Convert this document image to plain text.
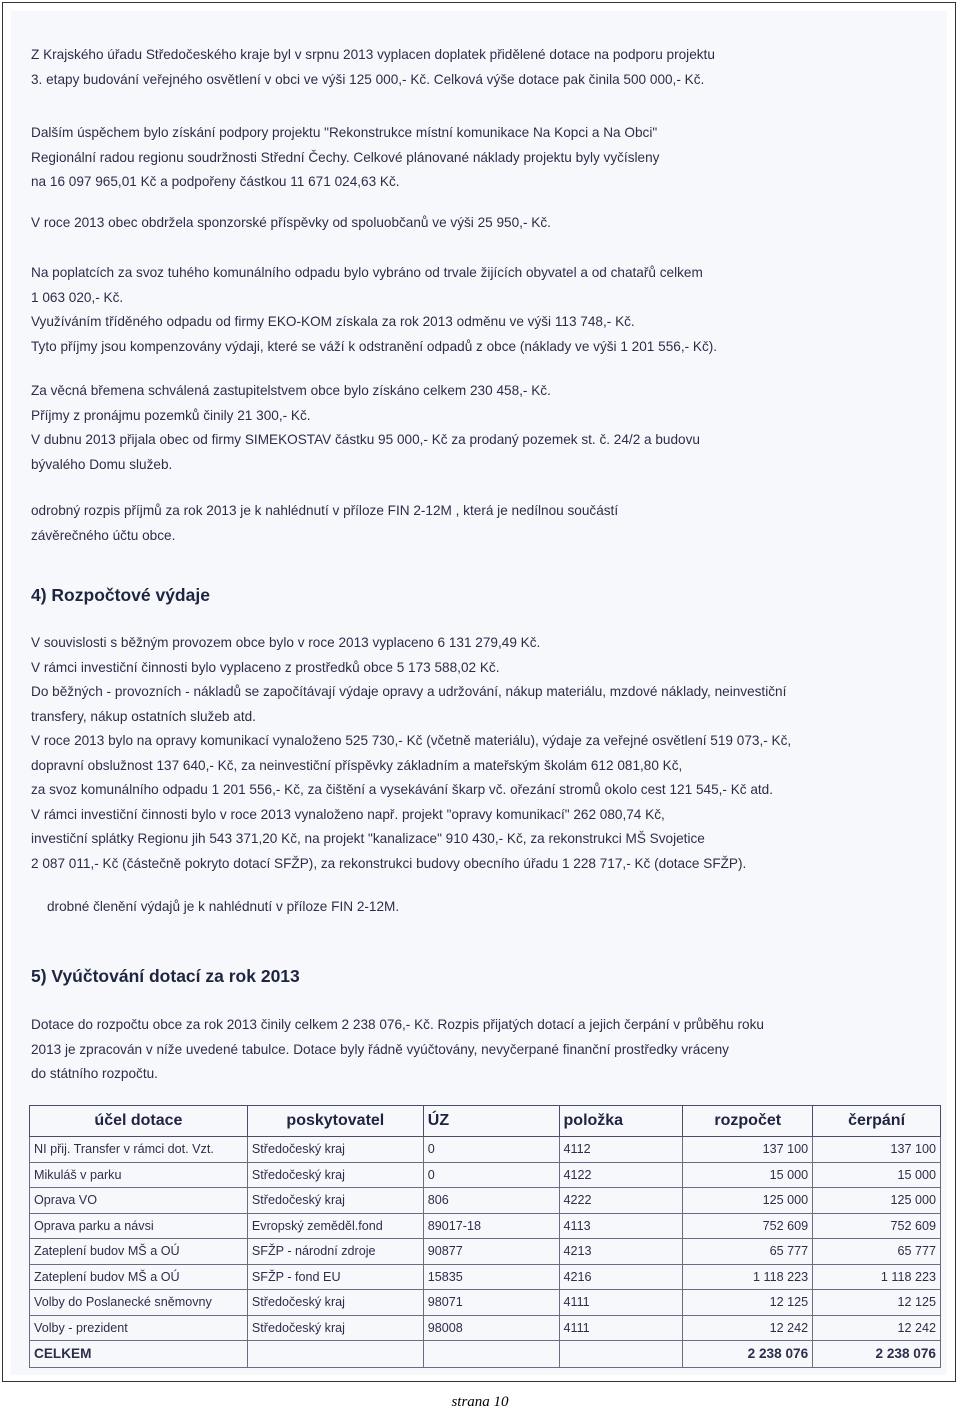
Z Krajského úřadu Středočeského kraje byl v srpnu 2013 vyplacen doplatek přidělené dotace na podporu projektu

3. etapy budování veřejného osvětlení v obci ve výši 125 000,- Kč. Celková výše dotace pak činila 500 000,- Kč.

Dalším úspěchem bylo získání podpory projektu "Rekonstrukce místní komunikace Na Kopci a Na Obci"

Regionální radou regionu soudržnosti Střední Čechy. Celkové plánované náklady projektu byly vyčísleny

na 16 097 965,01 Kč a podpořeny částkou 11 671 024,63 Kč.

V roce 2013 obec obdržela sponzorské příspěvky od spoluobčanů ve výši 25 950,- Kč.

Na poplatcích za svoz tuhého komunálního odpadu bylo vybráno od trvale žijících obyvatel a od chatařů celkem

1 063 020,- Kč.

Využíváním tříděného odpadu od firmy EKO-KOM získala za rok 2013 odměnu ve výši 113 748,- Kč.

Tyto příjmy jsou kompenzovány výdaji, které se váží k odstranění odpadů z obce (náklady ve výši 1 201 556,- Kč).

Za věcná břemena schválená zastupitelstvem obce bylo získáno celkem 230 458,- Kč.

Příjmy z pronájmu pozemků činily 21 300,- Kč.

V dubnu 2013 přijala obec od firmy SIMEKOSTAV částku 95 000,- Kč za prodaný pozemek st. č. 24/2 a budovu

bývalého Domu služeb.

odrobný rozpis příjmů za rok 2013 je k nahlédnutí v příloze FIN 2-12M , která je nedílnou součástí

závěrečného účtu obce.

4) Rozpočtové výdaje

V souvislosti s běžným provozem obce bylo v roce 2013 vyplaceno 6 131 279,49 Kč.

V rámci investiční činnosti bylo vyplaceno z prostředků obce 5 173 588,02 Kč.

Do běžných - provozních - nákladů se započítávají výdaje opravy a udržování, nákup materiálu, mzdové náklady, neinvestiční

transfery, nákup ostatních služeb atd.

V roce 2013 bylo na opravy komunikací vynaloženo 525 730,- Kč (včetně materiálu), výdaje za veřejné osvětlení 519 073,- Kč,

dopravní obslužnost 137 640,- Kč, za neinvestiční příspěvky základním a mateřským školám 612 081,80 Kč,

za svoz komunálního odpadu 1 201 556,- Kč, za čištění a vysekávání škarp vč. ořezání stromů okolo cest 121 545,- Kč atd.

V rámci investiční činnosti bylo v roce 2013 vynaloženo např. projekt "opravy komunikací" 262 080,74 Kč,

investiční splátky Regionu jih 543 371,20 Kč, na projekt "kanalizace" 910 430,- Kč, za rekonstrukci MŠ Svojetice

2 087 011,- Kč (částečně pokryto dotací SFŽP), za rekonstrukci budovy obecního úřadu 1 228 717,- Kč (dotace SFŽP).

drobné členění výdajů je k nahlédnutí v příloze FIN 2-12M.

5) Vyúčtování dotací za rok 2013

Dotace do rozpočtu obce za rok 2013 činily celkem 2 238 076,- Kč. Rozpis přijatých dotací a jejich čerpání v průběhu roku

2013 je zpracován v níže uvedené tabulce. Dotace byly řádně vyúčtovány, nevyčerpané finanční prostředky vráceny

do státního rozpočtu.

účel dotace	poskytovatel	ÚZ	položka	rozpočet	čerpání
NI přij. Transfer v rámci dot. Vzt.	Středočeský kraj	0	4112	137 100	137 100
Mikuláš v parku	Středočeský kraj	0	4122	15 000	15 000
Oprava VO	Středočeský kraj	806	4222	125 000	125 000
Oprava parku a návsi	Evropský zeměděl.fond	89017-18	4113	752 609	752 609
Zateplení budov MŠ a OÚ	SFŽP - národní zdroje	90877	4213	65 777	65 777
Zateplení budov MŠ a OÚ	SFŽP - fond EU	15835	4216	1 118 223	1 118 223
Volby do Poslanecké sněmovny	Středočeský kraj	98071	4111	12 125	12 125
Volby - prezident	Středočeský kraj	98008	4111	12 242	12 242
CELKEM				2 238 076	2 238 076
strana 10
